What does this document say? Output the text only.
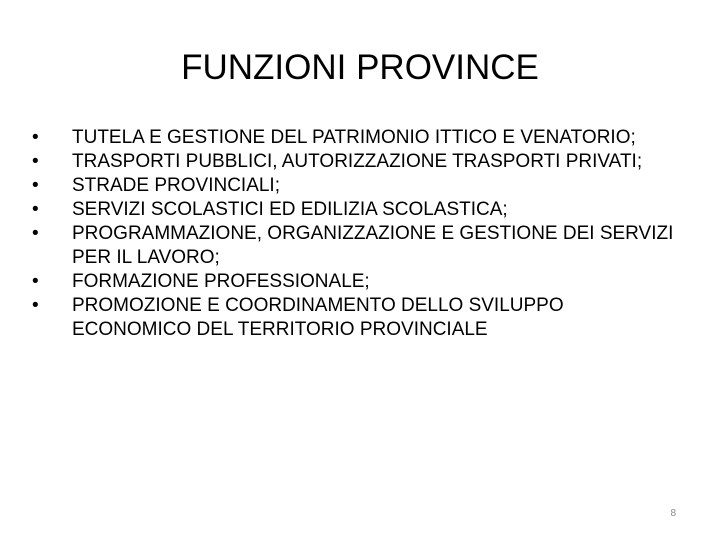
FUNZIONI PROVINCE
•	TUTELA E GESTIONE DEL PATRIMONIO ITTICO E VENATORIO;
•	TRASPORTI PUBBLICI, AUTORIZZAZIONE TRASPORTI PRIVATI;
•	STRADE PROVINCIALI;
•	SERVIZI SCOLASTICI ED EDILIZIA SCOLASTICA;
•	PROGRAMMAZIONE, ORGANIZZAZIONE E GESTIONE DEI SERVIZI PER IL LAVORO;
•	FORMAZIONE PROFESSIONALE;
•	PROMOZIONE E COORDINAMENTO DELLO SVILUPPO ECONOMICO DEL TERRITORIO PROVINCIALE
8
